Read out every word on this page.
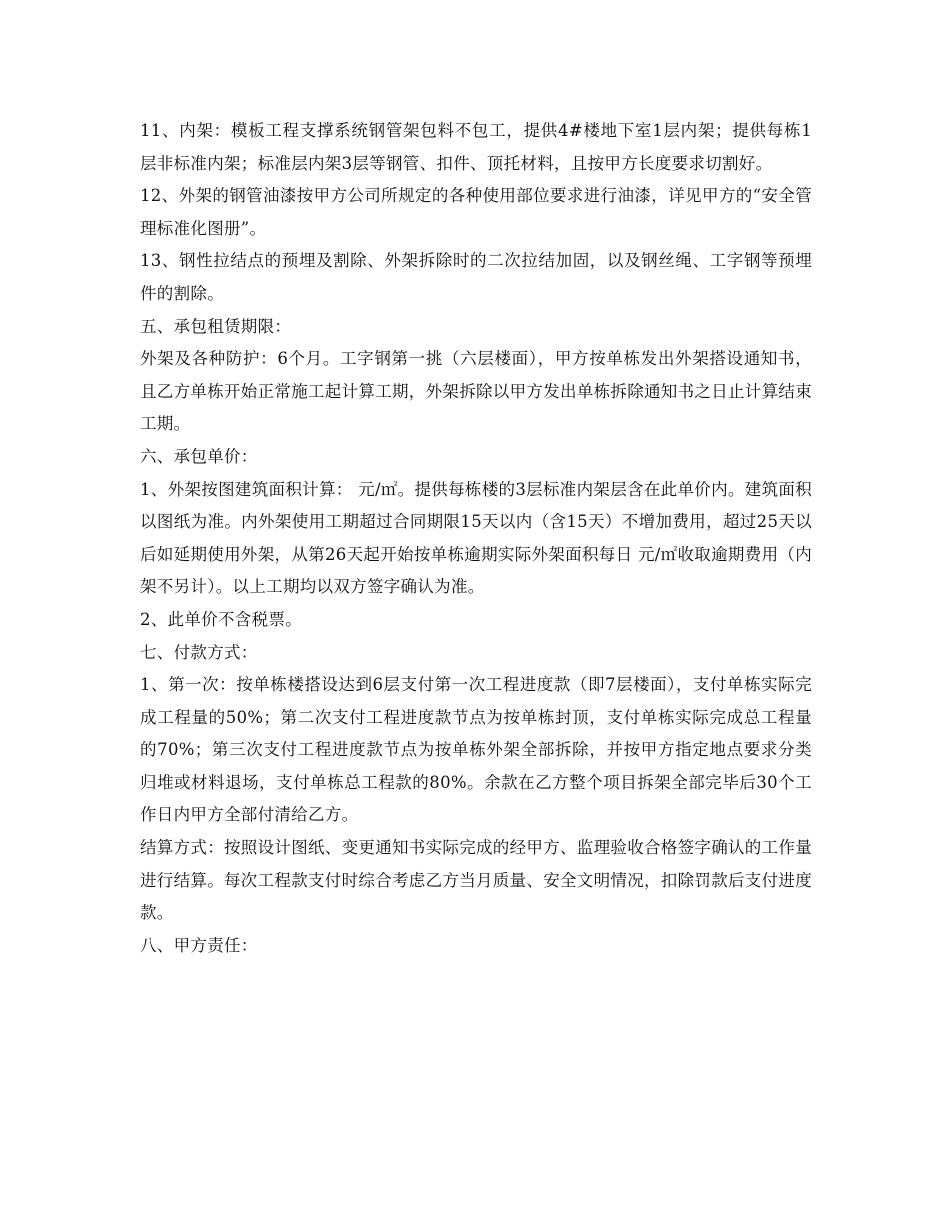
11、内架：模板工程支撑系统钢管架包料不包工，提供4#楼地下室1层内架；提供每栋1层非标准内架；标准层内架3层等钢管、扣件、顶托材料，且按甲方长度要求切割好。

12、外架的钢管油漆按甲方公司所规定的各种使用部位要求进行油漆，详见甲方的“安全管理标准化图册”。

13、钢性拉结点的预埋及割除、外架拆除时的二次拉结加固，以及钢丝绳、工字钢等预埋件的割除。

五、承包租赁期限：

外架及各种防护：6个月。工字钢第一挑（六层楼面），甲方按单栋发出外架搭设通知书，且乙方单栋开始正常施工起计算工期，外架拆除以甲方发出单栋拆除通知书之日止计算结束工期。

六、承包单价：

1、外架按图建筑面积计算： 元/㎡。提供每栋楼的3层标准内架层含在此单价内。建筑面积以图纸为准。内外架使用工期超过合同期限15天以内（含15天）不增加费用，超过25天以后如延期使用外架，从第26天起开始按单栋逾期实际外架面积每日 元/㎡收取逾期费用（内架不另计）。以上工期均以双方签字确认为准。

2、此单价不含税票。

七、付款方式：

1、第一次：按单栋楼搭设达到6层支付第一次工程进度款（即7层楼面），支付单栋实际完成工程量的50%；第二次支付工程进度款节点为按单栋封顶，支付单栋实际完成总工程量的70%；第三次支付工程进度款节点为按单栋外架全部拆除，并按甲方指定地点要求分类归堆或材料退场，支付单栋总工程款的80%。余款在乙方整个项目拆架全部完毕后30个工作日内甲方全部付清给乙方。

结算方式：按照设计图纸、变更通知书实际完成的经甲方、监理验收合格签字确认的工作量进行结算。每次工程款支付时综合考虑乙方当月质量、安全文明情况，扣除罚款后支付进度款。

八、甲方责任：
